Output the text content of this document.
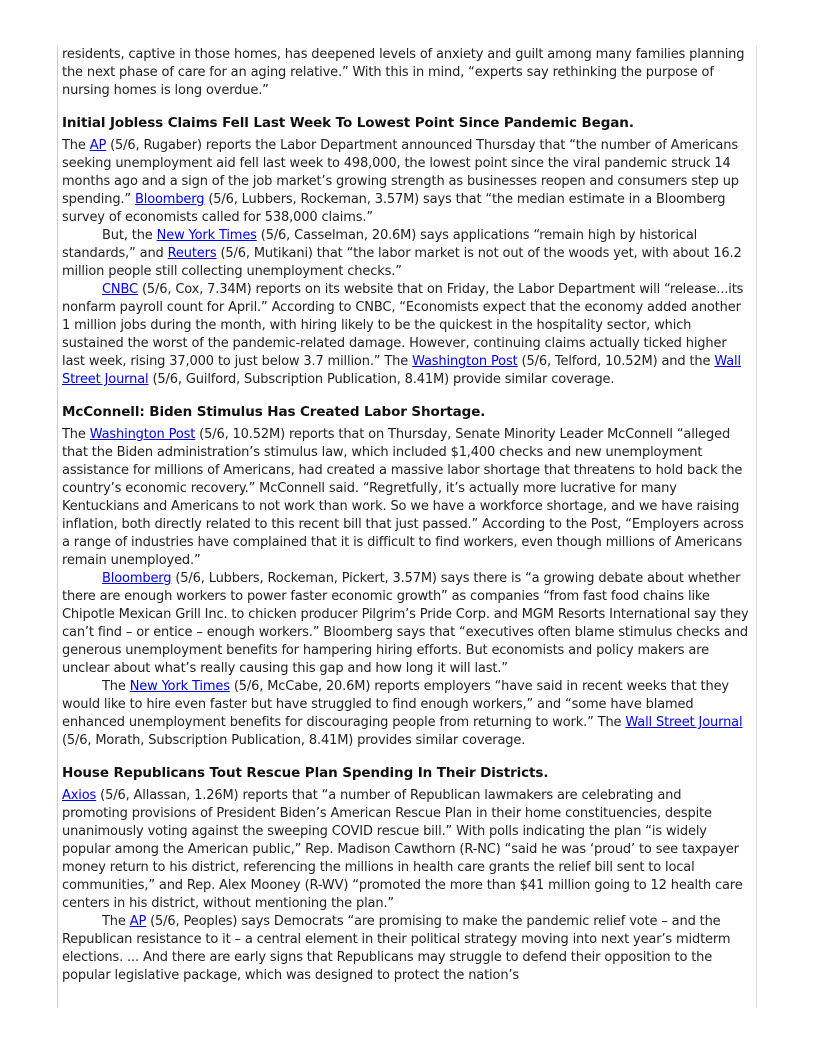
residents, captive in those homes, has deepened levels of anxiety and guilt among many families planning the next phase of care for an aging relative.” With this in mind, “experts say rethinking the purpose of nursing homes is long overdue.”

Initial Jobless Claims Fell Last Week To Lowest Point Since Pandemic Began.

The AP (5/6, Rugaber) reports the Labor Department announced Thursday that “the number of Americans seeking unemployment aid fell last week to 498,000, the lowest point since the viral pandemic struck 14 months ago and a sign of the job market’s growing strength as businesses reopen and consumers step up spending.” Bloomberg (5/6, Lubbers, Rockeman, 3.57M) says that “the median estimate in a Bloomberg survey of economists called for 538,000 claims.”

But, the New York Times (5/6, Casselman, 20.6M) says applications “remain high by historical standards,” and Reuters (5/6, Mutikani) that “the labor market is not out of the woods yet, with about 16.2 million people still collecting unemployment checks.”

CNBC (5/6, Cox, 7.34M) reports on its website that on Friday, the Labor Department will “release...its nonfarm payroll count for April.” According to CNBC, “Economists expect that the economy added another 1 million jobs during the month, with hiring likely to be the quickest in the hospitality sector, which sustained the worst of the pandemic-related damage. However, continuing claims actually ticked higher last week, rising 37,000 to just below 3.7 million.” The Washington Post (5/6, Telford, 10.52M) and the Wall Street Journal (5/6, Guilford, Subscription Publication, 8.41M) provide similar coverage.

McConnell: Biden Stimulus Has Created Labor Shortage.

The Washington Post (5/6, 10.52M) reports that on Thursday, Senate Minority Leader McConnell “alleged that the Biden administration’s stimulus law, which included $1,400 checks and new unemployment assistance for millions of Americans, had created a massive labor shortage that threatens to hold back the country’s economic recovery.” McConnell said. “Regretfully, it’s actually more lucrative for many Kentuckians and Americans to not work than work. So we have a workforce shortage, and we have raising inflation, both directly related to this recent bill that just passed.” According to the Post, “Employers across a range of industries have complained that it is difficult to find workers, even though millions of Americans remain unemployed.”

Bloomberg (5/6, Lubbers, Rockeman, Pickert, 3.57M) says there is “a growing debate about whether there are enough workers to power faster economic growth” as companies “from fast food chains like Chipotle Mexican Grill Inc. to chicken producer Pilgrim’s Pride Corp. and MGM Resorts International say they can’t find – or entice – enough workers.” Bloomberg says that “executives often blame stimulus checks and generous unemployment benefits for hampering hiring efforts. But economists and policy makers are unclear about what’s really causing this gap and how long it will last.”

The New York Times (5/6, McCabe, 20.6M) reports employers “have said in recent weeks that they would like to hire even faster but have struggled to find enough workers,” and “some have blamed enhanced unemployment benefits for discouraging people from returning to work.” The Wall Street Journal (5/6, Morath, Subscription Publication, 8.41M) provides similar coverage.

House Republicans Tout Rescue Plan Spending In Their Districts.

Axios (5/6, Allassan, 1.26M) reports that “a number of Republican lawmakers are celebrating and promoting provisions of President Biden’s American Rescue Plan in their home constituencies, despite unanimously voting against the sweeping COVID rescue bill.” With polls indicating the plan “is widely popular among the American public,” Rep. Madison Cawthorn (R-NC) “said he was ‘proud’ to see taxpayer money return to his district, referencing the millions in health care grants the relief bill sent to local communities,” and Rep. Alex Mooney (R-WV) “promoted the more than $41 million going to 12 health care centers in his district, without mentioning the plan.”

The AP (5/6, Peoples) says Democrats “are promising to make the pandemic relief vote – and the Republican resistance to it – a central element in their political strategy moving into next year’s midterm elections. ... And there are early signs that Republicans may struggle to defend their opposition to the popular legislative package, which was designed to protect the nation’s
